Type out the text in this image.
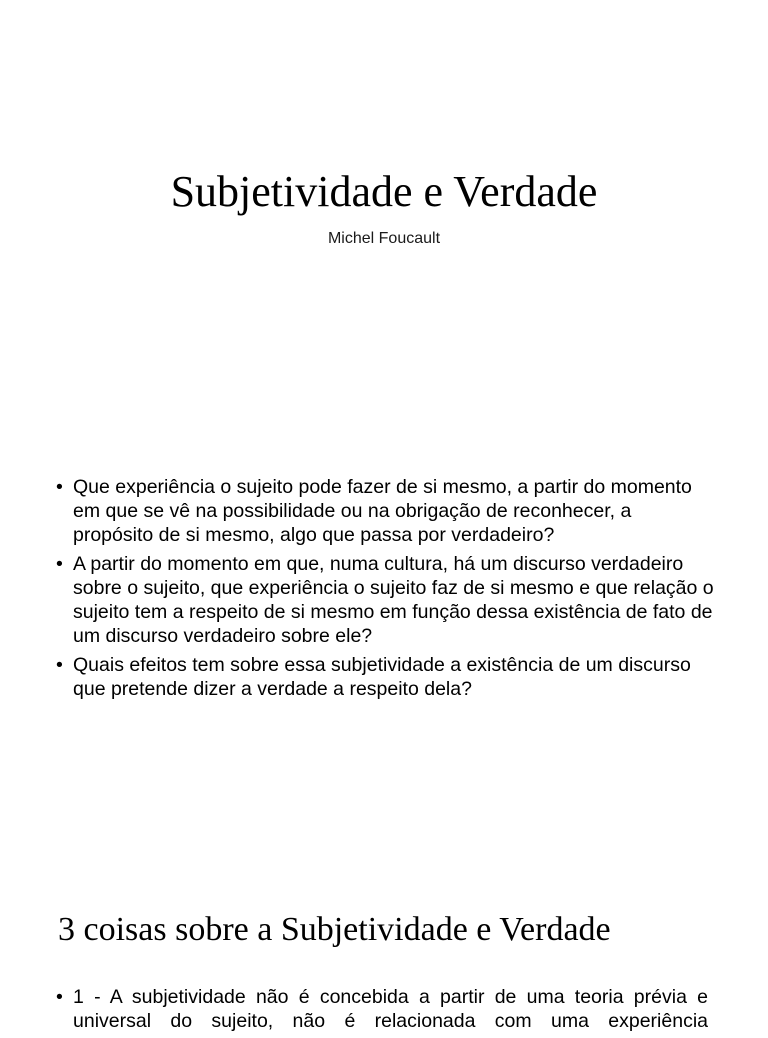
Subjetividade e Verdade
Michel Foucault
• Que experiência o sujeito pode fazer de si mesmo, a partir do momento em que se vê na possibilidade ou na obrigação de reconhecer, a propósito de si mesmo, algo que passa por verdadeiro?
• A partir do momento em que, numa cultura, há um discurso verdadeiro sobre o sujeito, que experiência o sujeito faz de si mesmo e que relação o sujeito tem a respeito de si mesmo em função dessa existência de fato de um discurso verdadeiro sobre ele?
• Quais efeitos tem sobre essa subjetividade a existência de um discurso que pretende dizer a verdade a respeito dela?
3 coisas sobre a Subjetividade e Verdade
• 1 - A subjetividade não é concebida a partir de uma teoria prévia e universal do sujeito, não é relacionada com uma experiência
